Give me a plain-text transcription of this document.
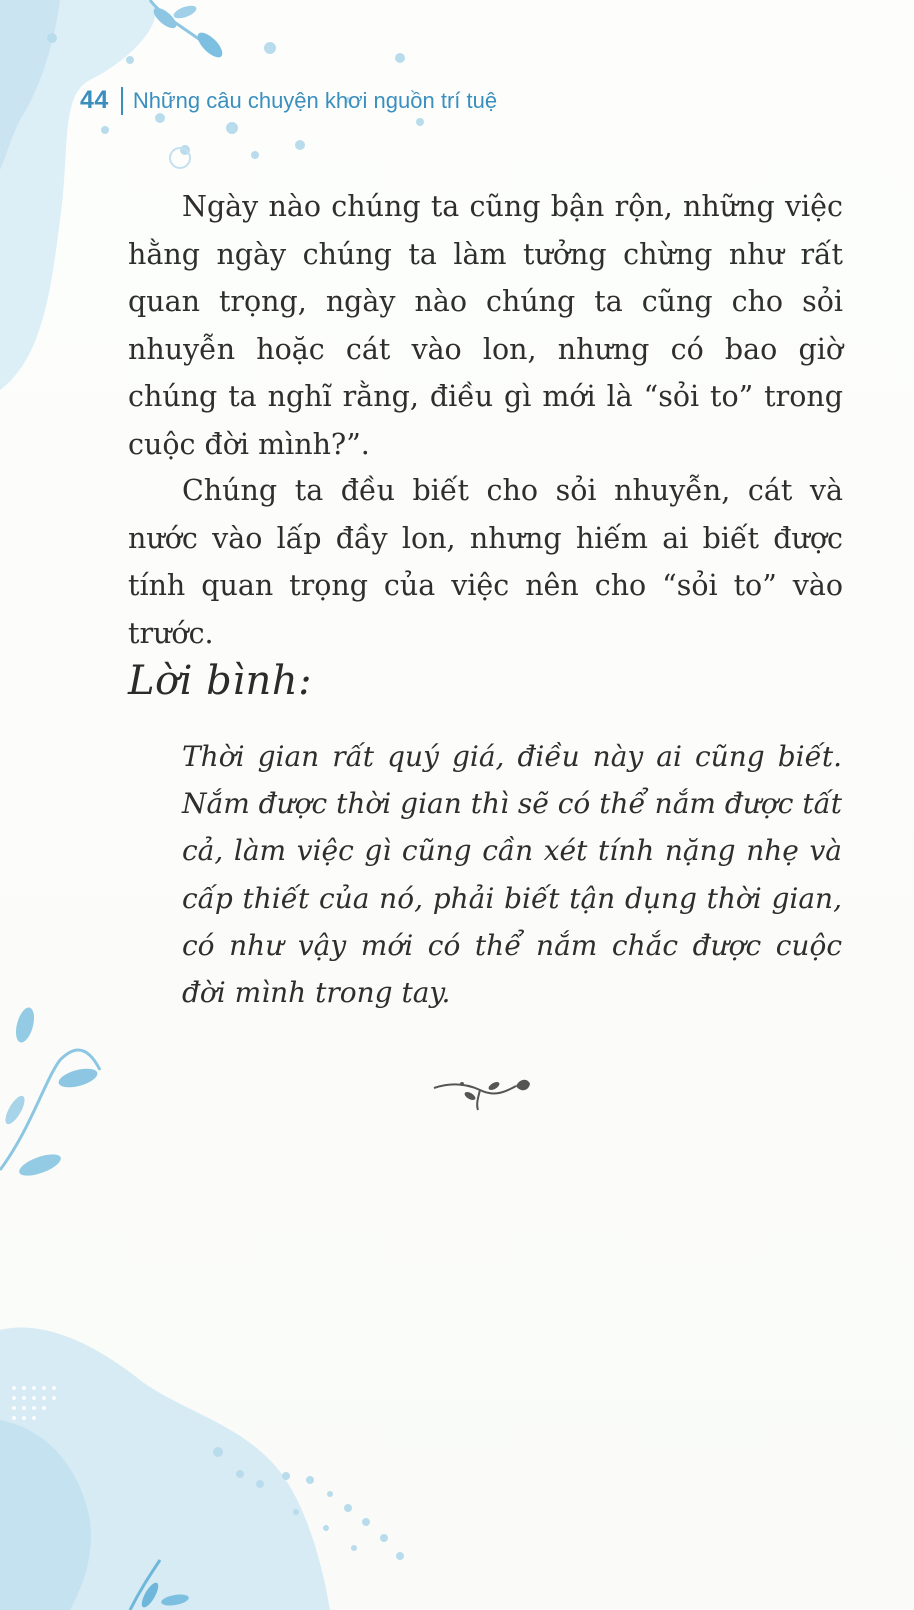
44 Những câu chuyện khơi nguồn trí tuệ

Ngày nào chúng ta cũng bận rộn, những việc hằng ngày chúng ta làm tưởng chừng như rất quan trọng, ngày nào chúng ta cũng cho sỏi nhuyễn hoặc cát vào lon, nhưng có bao giờ chúng ta nghĩ rằng, điều gì mới là “sỏi to” trong cuộc đời mình?”.

Chúng ta đều biết cho sỏi nhuyễn, cát và nước vào lấp đầy lon, nhưng hiếm ai biết được tính quan trọng của việc nên cho “sỏi to” vào trước.

Lời bình:

Thời gian rất quý giá, điều này ai cũng biết. Nắm được thời gian thì sẽ có thể nắm được tất cả, làm việc gì cũng cần xét tính nặng nhẹ và cấp thiết của nó, phải biết tận dụng thời gian, có như vậy mới có thể nắm chắc được cuộc đời mình trong tay.
